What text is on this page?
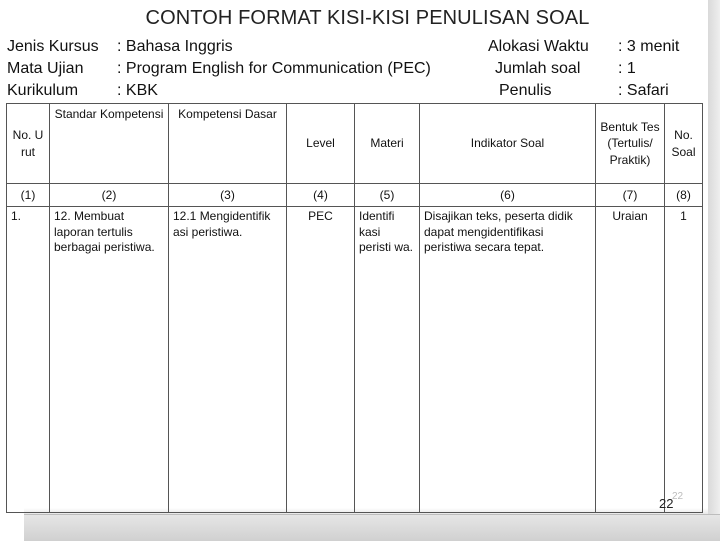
CONTOH FORMAT KISI-KISI PENULISAN SOAL
Jenis Kursus : Bahasa Inggris
Mata Ujian : Program English for Communication (PEC)
Kurikulum : KBK
Alokasi Waktu : 3 menit
Jumlah soal : 1
Penulis	: Safari
No. U rut	Standar Kompetensi	Kompetensi Dasar	Level	Materi	Indikator Soal	Bentuk Tes (Tertulis/ Praktik)	No. Soal
(1)	(2)	(3)	(4)	(5)	(6)	(7)	(8)
1.	12. Membuat laporan tertulis berbagai peristiwa.	12.1 Mengidentifik asi peristiwa.	PEC	Identifi kasi peristi wa.	Disajikan teks, peserta didik dapat mengidentifikasi peristiwa secara tepat.	Uraian	1
22
22
